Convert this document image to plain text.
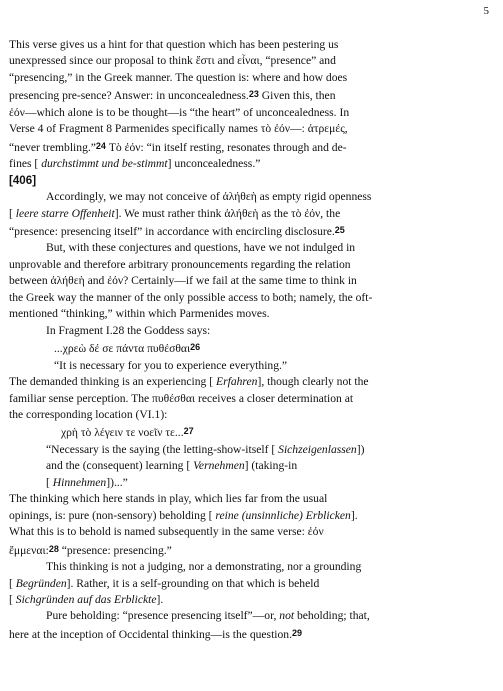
5
This verse gives us a hint for that question which has been pestering us
unexpressed since our proposal to think ἔστι and εἶναι, “presence” and
“presencing,” in the Greek manner. The question is: where and how does
presencing pre-sence? Answer: in unconcealedness.$^{23}$ Given this, then
ἐόν—which alone is to be thought—is “the heart” of unconcealedness. In
Verse 4 of Fragment 8 Parmenides specifically names τὸ ἐόν—: ἀτρεμές,
“never trembling.”$^{24}$ Τὸ ἐόν: “in itself resting, resonates through and de-
fines [ durchstimmt und be-stimmt] unconcealedness.”
[406]
Accordingly, we may not conceive of ἀλήθεὴ as empty rigid openness
[ leere starre Offenheit]. We must rather think ἀλήθεὴ as the τὸ ἐόν, the
“presence: presencing itself” in accordance with encircling disclosure.$^{25}$
But, with these conjectures and questions, have we not indulged in
unprovable and therefore arbitrary pronouncements regarding the relation
between ἀλήθεὴ and ἐόν? Certainly—if we fail at the same time to think in
the Greek way the manner of the only possible access to both; namely, the oft-
mentioned “thinking,” within which Parmenides moves.
In Fragment I.28 the Goddess says:
...χρεὼ δέ σε πάντα πυθέσθαι$^{26}$
“It is necessary for you to experience everything.”
The demanded thinking is an experiencing [ Erfahren], though clearly not the
familiar sense perception. The πυθέσθαι receives a closer determination at
the corresponding location (VI.1):
χρὴ τὸ λέγειν τε νοεῖν τε...$^{27}$
“Necessary is the saying (the letting-show-itself [ Sichzeigenlassen])
and the (consequent) learning [ Vernehmen] (taking-in
[ Hinnehmen])...”
The thinking which here stands in play, which lies far from the usual
opinings, is: pure (non-sensory) beholding [ reine (unsinnliche) Erblicken].
What this is to behold is named subsequently in the same verse: ἐόν
ἔμμεναι:$^{28}$ “presence: presencing.”
This thinking is not a judging, nor a demonstrating, nor a grounding
[ Begründen]. Rather, it is a self-grounding on that which is beheld
[ Sichgründen auf das Erblickte].
Pure beholding: “presence presencing itself”—or, not beholding; that,
here at the inception of Occidental thinking—is the question.$^{29}$
